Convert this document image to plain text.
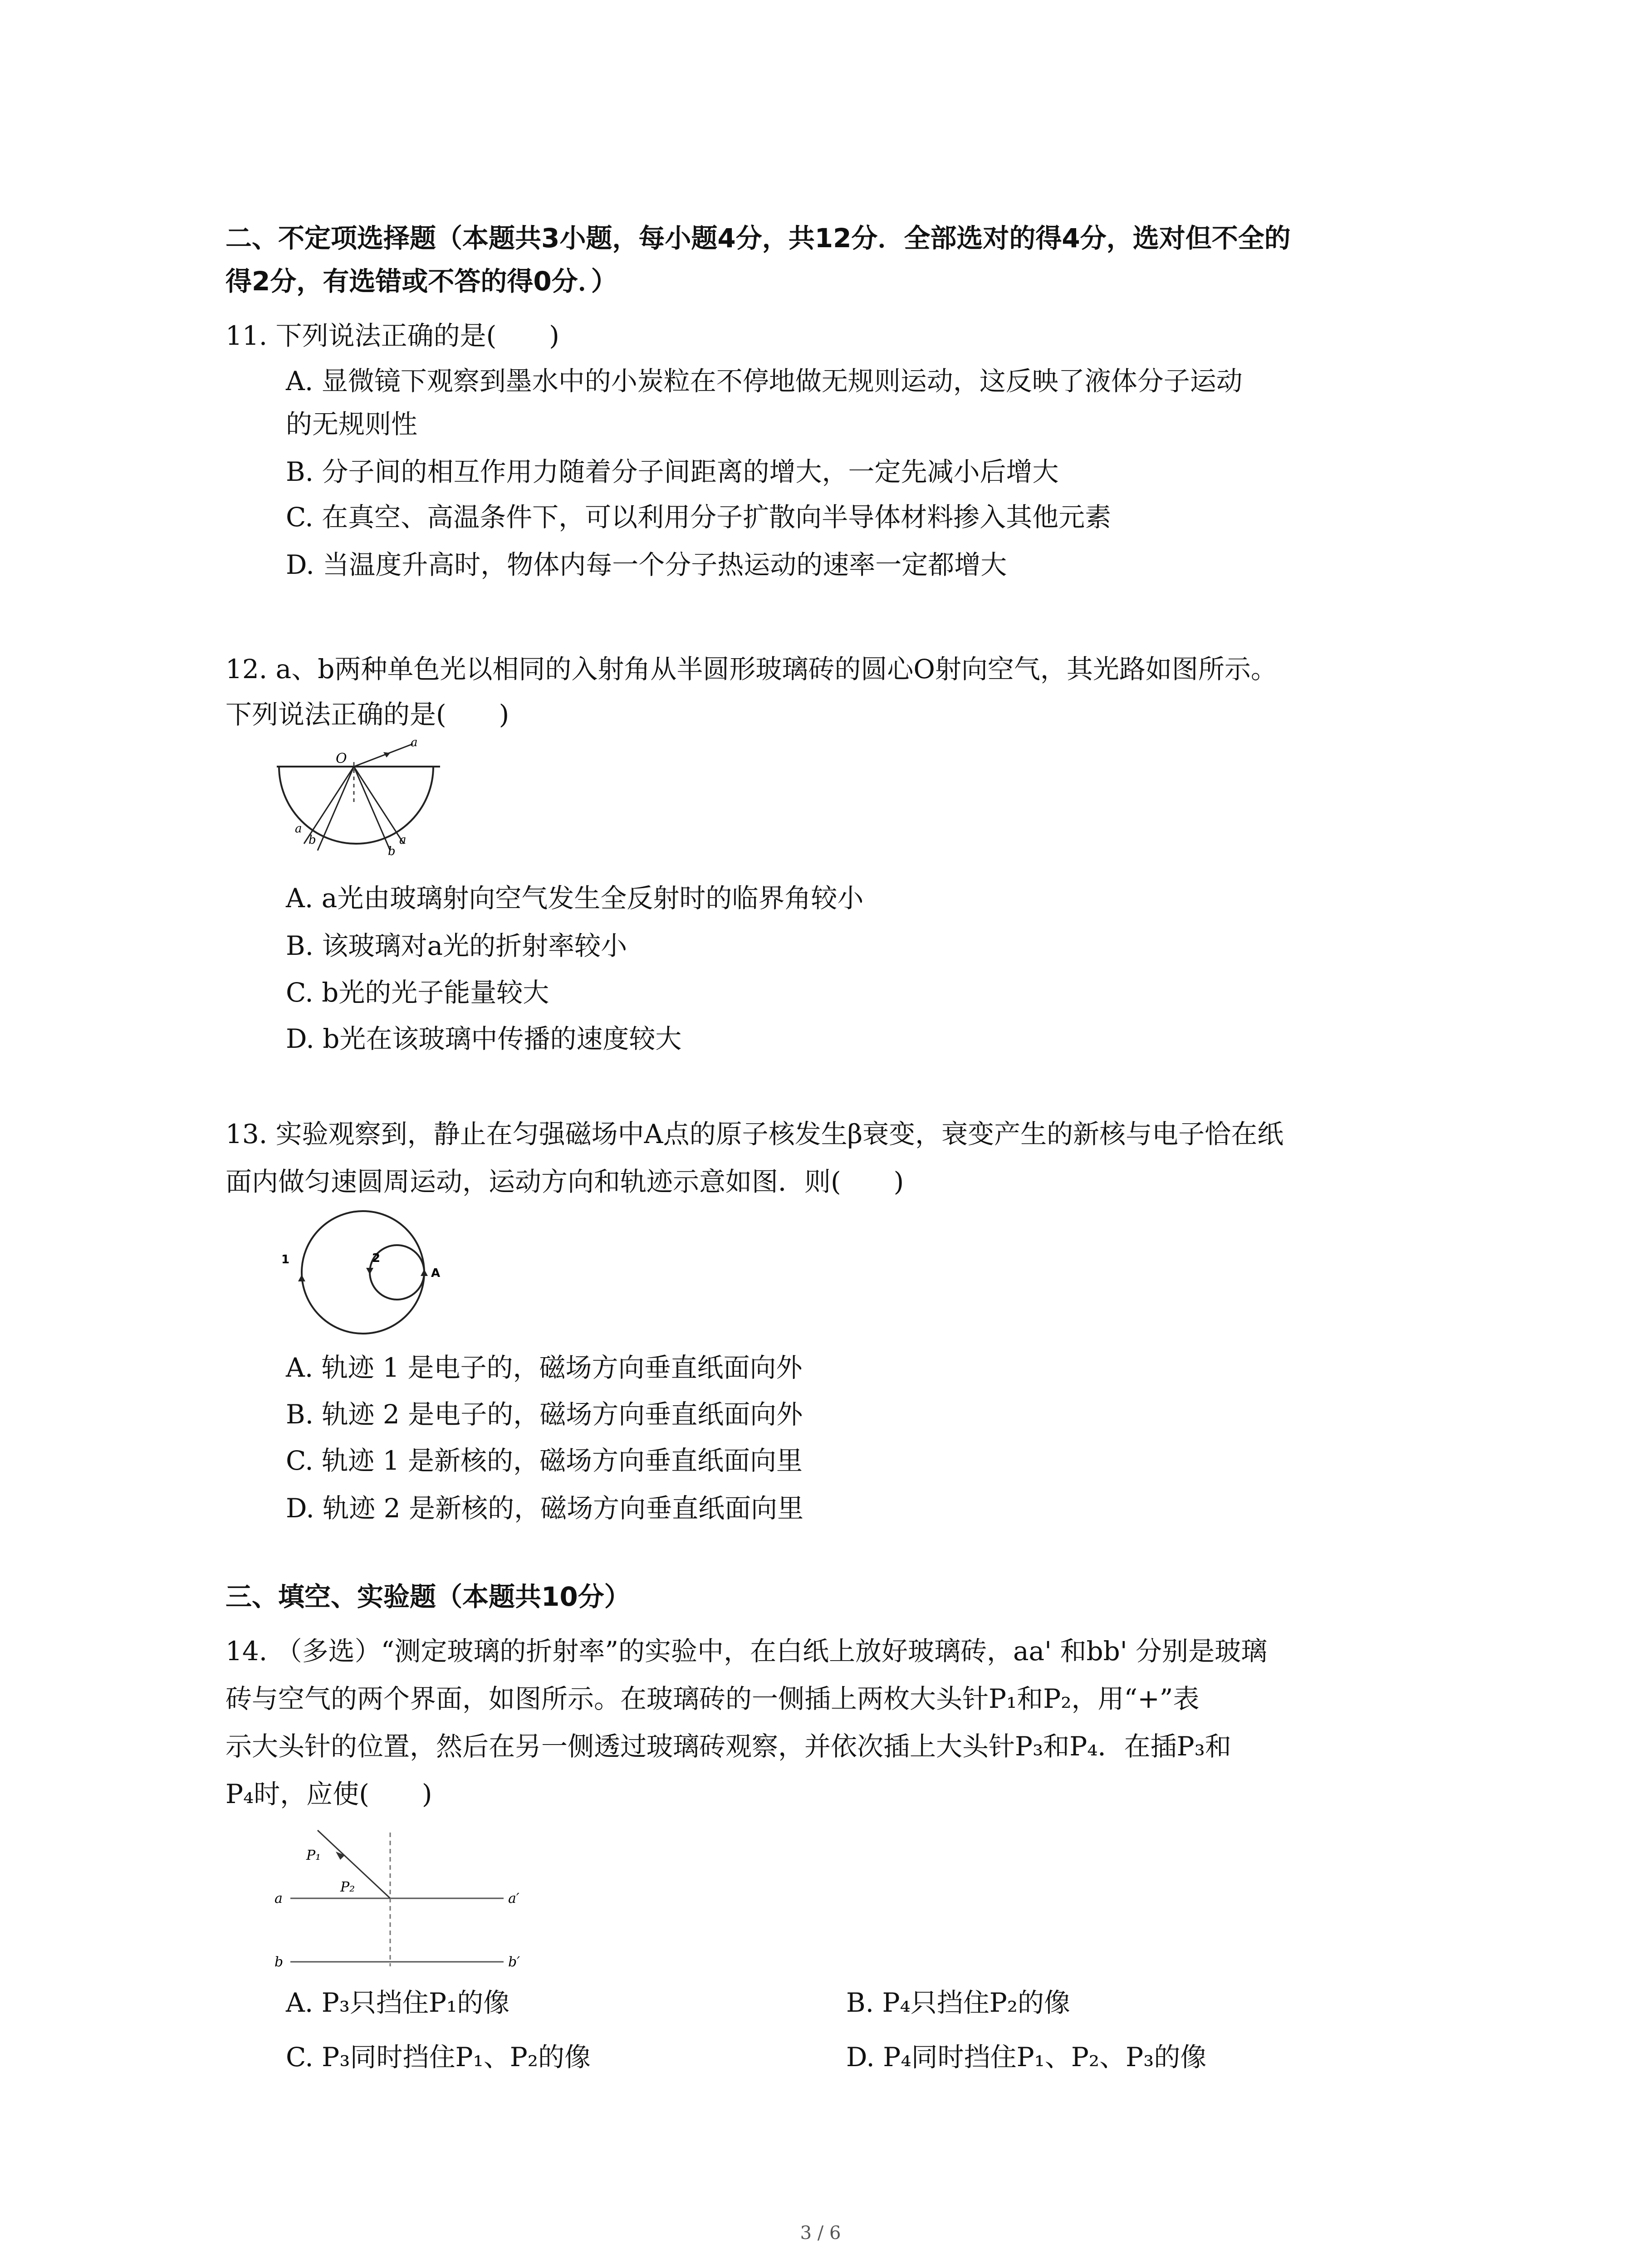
二、不定项选择题（本题共3小题，每小题4分，共12分．全部选对的得4分，选对但不全的
得2分，有选错或不答的得0分．）
11. 下列说法正确的是(　　)
A. 显微镜下观察到墨水中的小炭粒在不停地做无规则运动，这反映了液体分子运动
的无规则性
B. 分子间的相互作用力随着分子间距离的增大，一定先减小后增大
C. 在真空、高温条件下，可以利用分子扩散向半导体材料掺入其他元素
D. 当温度升高时，物体内每一个分子热运动的速率一定都增大
12. a、b两种单色光以相同的入射角从半圆形玻璃砖的圆心O射向空气，其光路如图所示。
下列说法正确的是(　　)
O
a
a
b	a
b
A. a光由玻璃射向空气发生全反射时的临界角较小
B. 该玻璃对a光的折射率较小
C. b光的光子能量较大
D. b光在该玻璃中传播的速度较大
13. 实验观察到，静止在匀强磁场中A点的原子核发生β衰变，衰变产生的新核与电子恰在纸
面内做匀速圆周运动，运动方向和轨迹示意如图．则(　　)
1	2
A
A. 轨迹 1 是电子的，磁场方向垂直纸面向外
B. 轨迹 2 是电子的，磁场方向垂直纸面向外
C. 轨迹 1 是新核的，磁场方向垂直纸面向里
D. 轨迹 2 是新核的，磁场方向垂直纸面向里
三、填空、实验题（本题共10分）
14. （多选）“测定玻璃的折射率”的实验中，在白纸上放好玻璃砖，aa' 和bb' 分别是玻璃
砖与空气的两个界面，如图所示。在玻璃砖的一侧插上两枚大头针P₁和P₂，用“+”表
示大头针的位置，然后在另一侧透过玻璃砖观察，并依次插上大头针P₃和P₄．在插P₃和
P₄时，应使(　　)
P₁
P₂
a	a′
b	b′
A. P₃只挡住P₁的像	B. P₄只挡住P₂的像
C. P₃同时挡住P₁、P₂的像	D. P₄同时挡住P₁、P₂、P₃的像
3 / 6
